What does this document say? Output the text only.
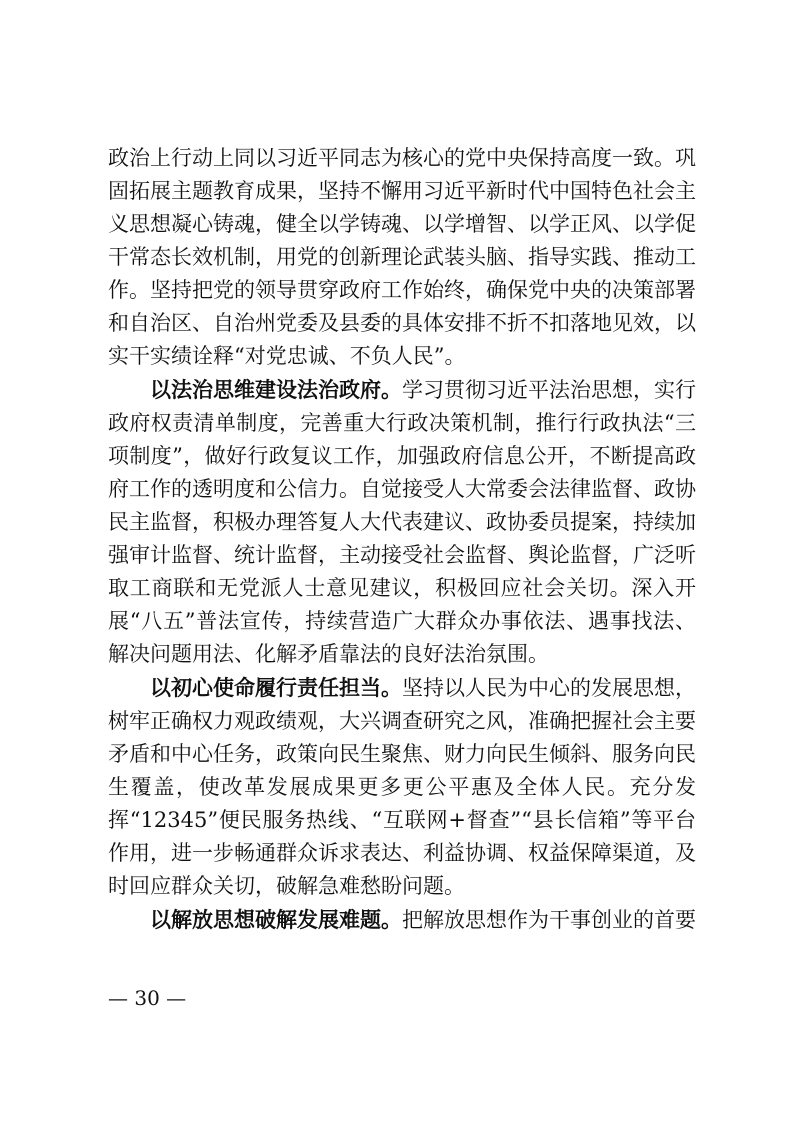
政治上行动上同以习近平同志为核心的党中央保持高度一致。巩固拓展主题教育成果，坚持不懈用习近平新时代中国特色社会主义思想凝心铸魂，健全以学铸魂、以学增智、以学正风、以学促干常态长效机制，用党的创新理论武装头脑、指导实践、推动工作。坚持把党的领导贯穿政府工作始终，确保党中央的决策部署和自治区、自治州党委及县委的具体安排不折不扣落地见效，以实干实绩诠释“对党忠诚、不负人民”。

以法治思维建设法治政府。学习贯彻习近平法治思想，实行政府权责清单制度，完善重大行政决策机制，推行行政执法“三项制度”，做好行政复议工作，加强政府信息公开，不断提高政府工作的透明度和公信力。自觉接受人大常委会法律监督、政协民主监督，积极办理答复人大代表建议、政协委员提案，持续加强审计监督、统计监督，主动接受社会监督、舆论监督，广泛听取工商联和无党派人士意见建议，积极回应社会关切。深入开展“八五”普法宣传，持续营造广大群众办事依法、遇事找法、解决问题用法、化解矛盾靠法的良好法治氛围。

以初心使命履行责任担当。坚持以人民为中心的发展思想，树牢正确权力观政绩观，大兴调查研究之风，准确把握社会主要矛盾和中心任务，政策向民生聚焦、财力向民生倾斜、服务向民生覆盖，使改革发展成果更多更公平惠及全体人民。充分发挥“12345”便民服务热线、“互联网+督查”“县长信箱”等平台作用，进一步畅通群众诉求表达、利益协调、权益保障渠道，及时回应群众关切，破解急难愁盼问题。

以解放思想破解发展难题。把解放思想作为干事创业的首要

— 30 —
